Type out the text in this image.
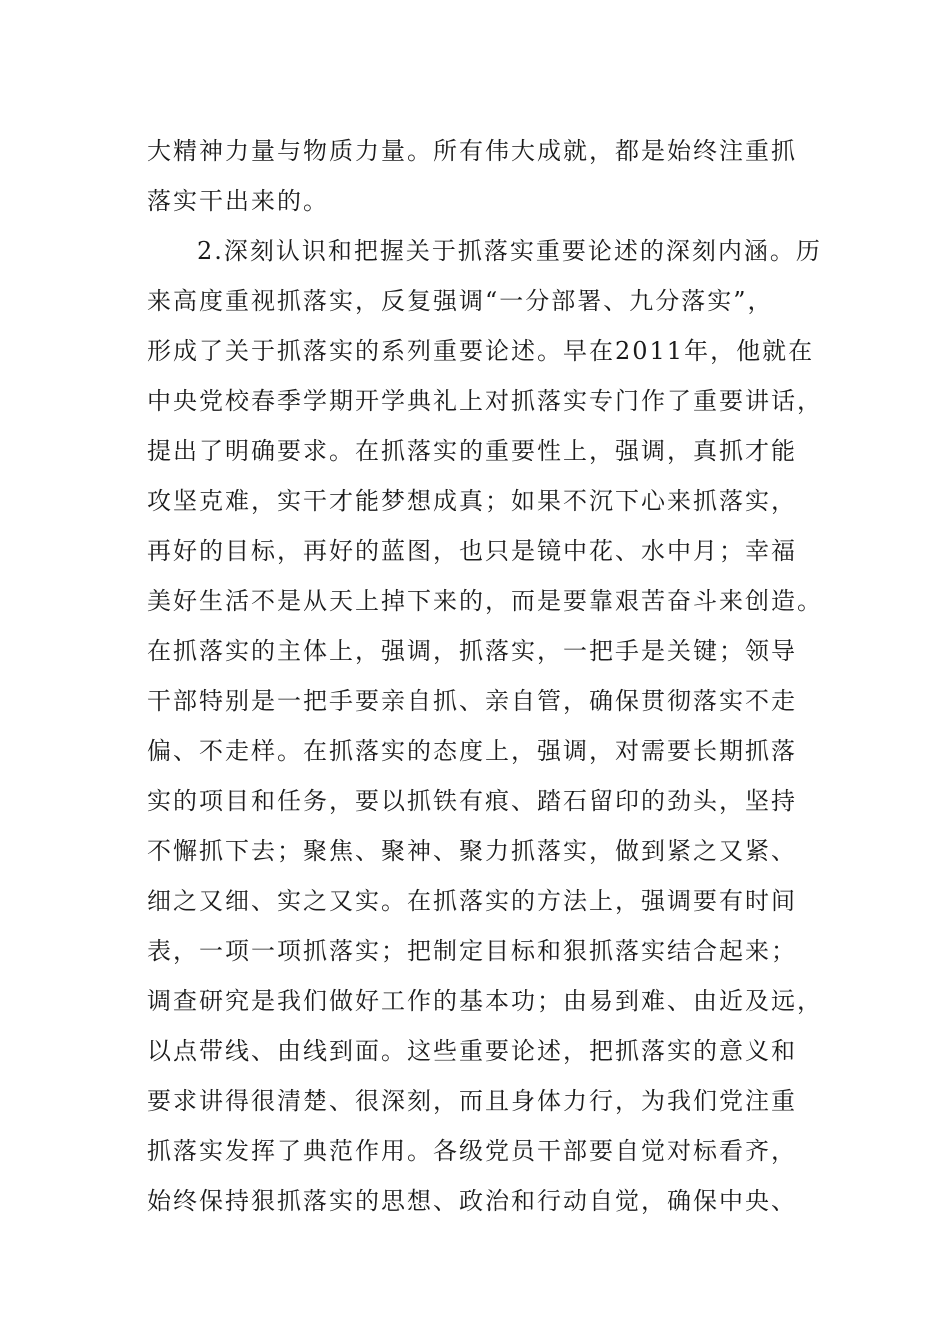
大精神力量与物质力量。所有伟大成就，都是始终注重抓
落实干出来的。
2.深刻认识和把握关于抓落实重要论述的深刻内涵。历
来高度重视抓落实，反复强调“一分部署、九分落实”，
形成了关于抓落实的系列重要论述。早在2011年，他就在
中央党校春季学期开学典礼上对抓落实专门作了重要讲话，
提出了明确要求。在抓落实的重要性上，强调，真抓才能
攻坚克难，实干才能梦想成真；如果不沉下心来抓落实，
再好的目标，再好的蓝图，也只是镜中花、水中月；幸福
美好生活不是从天上掉下来的，而是要靠艰苦奋斗来创造。
在抓落实的主体上，强调，抓落实，一把手是关键；领导
干部特别是一把手要亲自抓、亲自管，确保贯彻落实不走
偏、不走样。在抓落实的态度上，强调，对需要长期抓落
实的项目和任务，要以抓铁有痕、踏石留印的劲头，坚持
不懈抓下去；聚焦、聚神、聚力抓落实，做到紧之又紧、
细之又细、实之又实。在抓落实的方法上，强调要有时间
表，一项一项抓落实；把制定目标和狠抓落实结合起来；
调查研究是我们做好工作的基本功；由易到难、由近及远，
以点带线、由线到面。这些重要论述，把抓落实的意义和
要求讲得很清楚、很深刻，而且身体力行，为我们党注重
抓落实发挥了典范作用。各级党员干部要自觉对标看齐，
始终保持狠抓落实的思想、政治和行动自觉，确保中央、
